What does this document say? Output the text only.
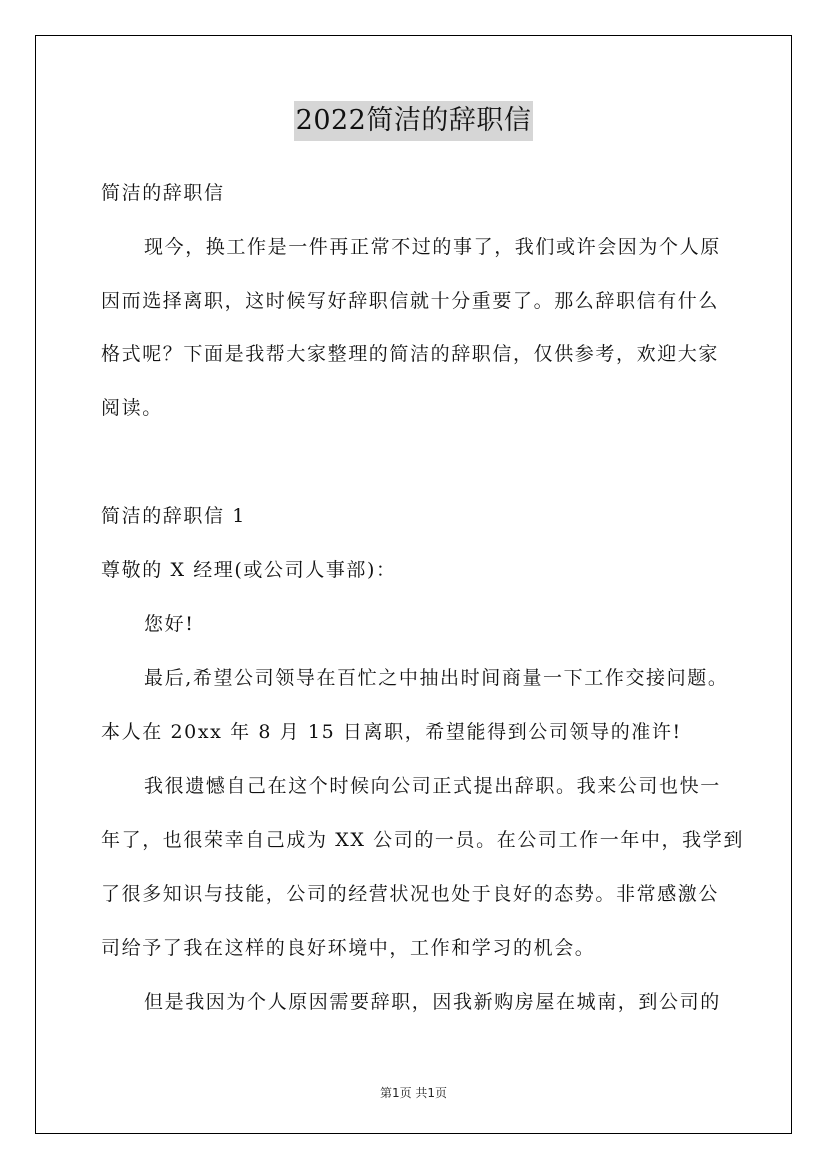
2022简洁的辞职信
简洁的辞职信
现今，换工作是一件再正常不过的事了，我们或许会因为个人原
因而选择离职，这时候写好辞职信就十分重要了。那么辞职信有什么
格式呢？下面是我帮大家整理的简洁的辞职信，仅供参考，欢迎大家
阅读。
简洁的辞职信 1
尊敬的 X 经理(或公司人事部)：
您好!
最后,希望公司领导在百忙之中抽出时间商量一下工作交接问题。
本人在 20xx 年 8 月 15 日离职，希望能得到公司领导的准许!
我很遗憾自己在这个时候向公司正式提出辞职。我来公司也快一
年了，也很荣幸自己成为 XX 公司的一员。在公司工作一年中，我学到
了很多知识与技能，公司的经营状况也处于良好的态势。非常感激公
司给予了我在这样的良好环境中，工作和学习的机会。
但是我因为个人原因需要辞职，因我新购房屋在城南，到公司的
第1页 共1页
